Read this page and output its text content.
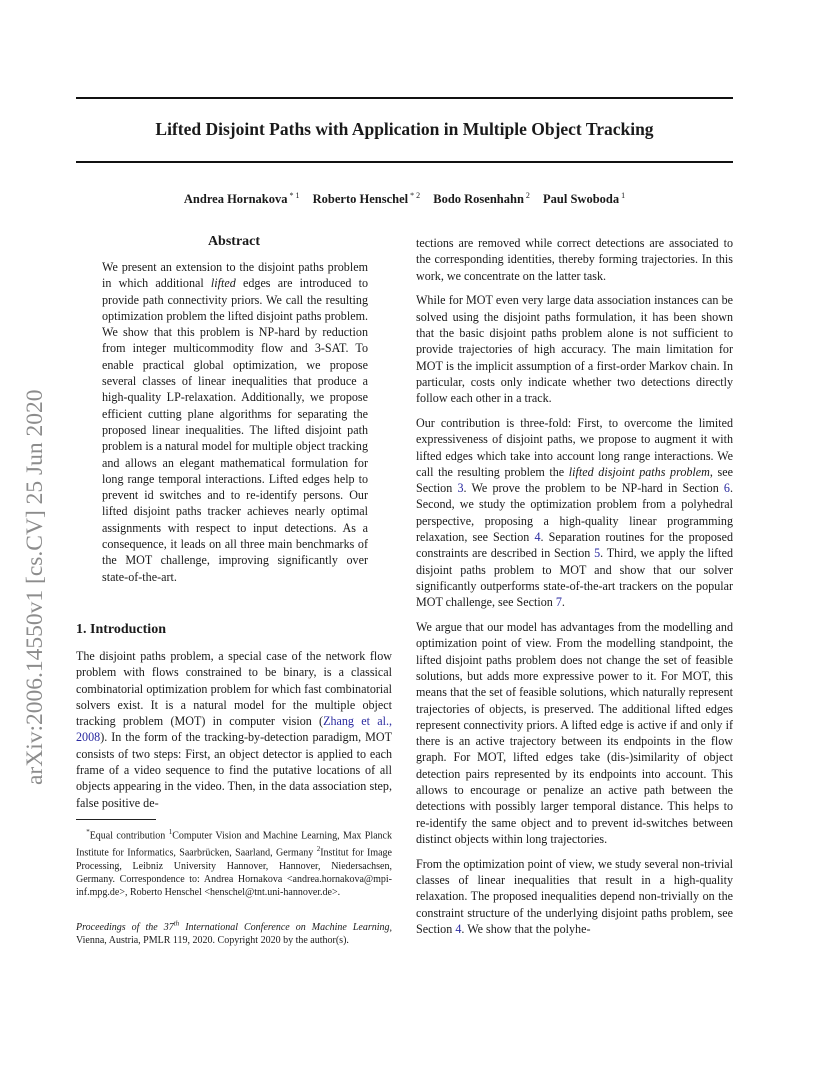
Lifted Disjoint Paths with Application in Multiple Object Tracking
Andrea Hornakova $^{* 1}$ Roberto Henschel $^{* 2}$ Bodo Rosenhahn $^2$ Paul Swoboda $^1$
arXiv:2006.14550v1 [cs.CV] 25 Jun 2020
Abstract

We present an extension to the disjoint paths problem in which additional lifted edges are introduced to provide path connectivity priors. We call the resulting optimization problem the lifted disjoint paths problem. We show that this problem is NP-hard by reduction from integer multicommodity flow and 3-SAT. To enable practical global optimization, we propose several classes of linear inequalities that produce a high-quality LP-relaxation. Additionally, we propose efficient cutting plane algorithms for separating the proposed linear inequalities. The lifted disjoint path problem is a natural model for multiple object tracking and allows an elegant mathematical formulation for long range temporal interactions. Lifted edges help to prevent id switches and to re-identify persons. Our lifted disjoint paths tracker achieves nearly optimal assignments with respect to input detections. As a consequence, it leads on all three main benchmarks of the MOT challenge, improving significantly over state-of-the-art.

1. Introduction

The disjoint paths problem, a special case of the network flow problem with flows constrained to be binary, is a classical combinatorial optimization problem for which fast combinatorial solvers exist. It is a natural model for the multiple object tracking problem (MOT) in computer vision (Zhang et al., 2008). In the form of the tracking-by-detection paradigm, MOT consists of two steps: First, an object detector is applied to each frame of a video sequence to find the putative locations of all objects appearing in the video. Then, in the data association step, false positive de-

*Equal contribution $^1$Computer Vision and Machine Learning, Max Planck Institute for Informatics, Saarbrücken, Saarland, Germany $^2$Institut for Image Processing, Leibniz University Hannover, Hannover, Niedersachsen, Germany. Correspondence to: Andrea Hornakova <andrea.hornakova@mpi-inf.mpg.de>, Roberto Henschel <henschel@tnt.uni-hannover.de>.

Proceedings of the 37th International Conference on Machine Learning, Vienna, Austria, PMLR 119, 2020. Copyright 2020 by the author(s).

tections are removed while correct detections are associated to the corresponding identities, thereby forming trajectories. In this work, we concentrate on the latter task.

While for MOT even very large data association instances can be solved using the disjoint paths formulation, it has been shown that the basic disjoint paths problem alone is not sufficient to provide trajectories of high accuracy. The main limitation for MOT is the implicit assumption of a first-order Markov chain. In particular, costs only indicate whether two detections directly follow each other in a track.

Our contribution is three-fold: First, to overcome the limited expressiveness of disjoint paths, we propose to augment it with lifted edges which take into account long range interactions. We call the resulting problem the lifted disjoint paths problem, see Section 3. We prove the problem to be NP-hard in Section 6. Second, we study the optimization problem from a polyhedral perspective, proposing a high-quality linear programming relaxation, see Section 4. Separation routines for the proposed constraints are described in Section 5. Third, we apply the lifted disjoint paths problem to MOT and show that our solver significantly outperforms state-of-the-art trackers on the popular MOT challenge, see Section 7.

We argue that our model has advantages from the modelling and optimization point of view. From the modelling standpoint, the lifted disjoint paths problem does not change the set of feasible solutions, but adds more expressive power to it. For MOT, this means that the set of feasible solutions, which naturally represent trajectories of objects, is preserved. The additional lifted edges represent connectivity priors. A lifted edge is active if and only if there is an active trajectory between its endpoints in the flow graph. For MOT, lifted edges take (dis-)similarity of object detection pairs represented by its endpoints into account. This allows to encourage or penalize an active path between the detections with possibly larger temporal distance. This helps to re-identify the same object and to prevent id-switches between distinct objects within long trajectories.

From the optimization point of view, we study several non-trivial classes of linear inequalities that result in a high-quality relaxation. The proposed inequalities depend non-trivially on the constraint structure of the underlying disjoint paths problem, see Section 4. We show that the polyhe-
